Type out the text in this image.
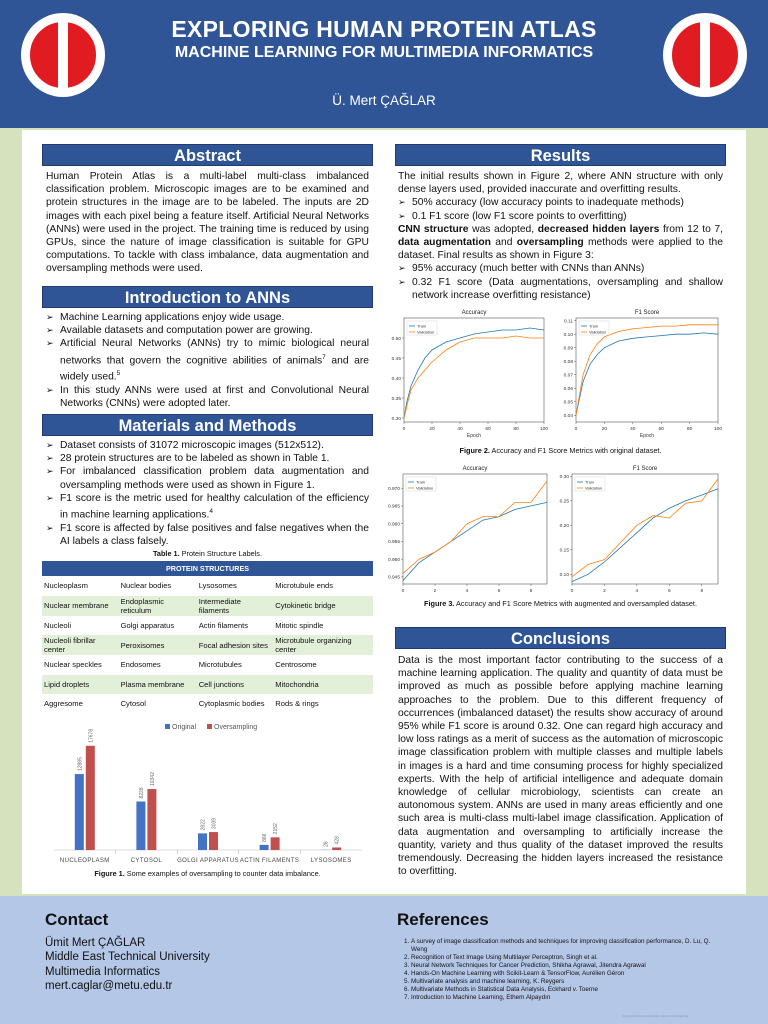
EXPLORING HUMAN PROTEIN ATLAS
MACHINE LEARNING FOR MULTIMEDIA INFORMATICS
Ü. Mert ÇAĞLAR
Abstract
Human Protein Atlas is a multi-label multi-class imbalanced classification problem. Microscopic images are to be examined and protein structures in the image are to be labeled. The inputs are 2D images with each pixel being a feature itself. Artificial Neural Networks (ANNs) were used in the project. The training time is reduced by using GPUs, since the nature of image classification is suitable for GPU computations. To tackle with class imbalance, data augmentation and oversampling methods were used.
Introduction to ANNs
➢ Machine Learning applications enjoy wide usage.
➢ Available datasets and computation power are growing.
➢ Artificial Neural Networks (ANNs) try to mimic biological neural networks that govern the cognitive abilities of animals$^7$ and are widely used.$^5$
➢ In this study ANNs were used at first and Convolutional Neural Networks (CNNs) were adopted later.
Materials and Methods
➢ Dataset consists of 31072 microscopic images (512x512).
➢ 28 protein structures are to be labeled as shown in Table 1.
➢ For imbalanced classification problem data augmentation and oversampling methods were used as shown in Figure 1.
➢ F1 score is the metric used for healthy calculation of the efficiency in machine learning applications.$^4$
➢ F1 score is affected by false positives and false negatives when the AI labels a class falsely.
Table 1. Protein Structure Labels.
PROTEIN STRUCTURES			
Nucleoplasm	Nuclear bodies	Lysosomes	Microtubule ends
Nuclear membrane	Endoplasmic reticulum	Intermediate filaments	Cytokinetic bridge
Nucleoli	Golgi apparatus	Actin filaments	Mitotic spindle
Nucleoli fibrillar center	Peroxisomes	Focal adhesion sites	Microtubule organizing center
Nuclear speckles	Endosomes	Microtubules	Centrosome
Lipid droplets	Plasma membrane	Cell junctions	Mitochondria
Aggresome	Cytosol	Cytoplasmic bodies	Rods & rings
Original	Oversampling
NUCLEOPLASM
12885
17678
CYTOSOL
8228
10342
GOLGI APPARATUS
2822 3039
ACTIN FILAMENTS
866
2152
LYSOSOMES
28 428
Figure 1. Some examples of oversampling to counter data imbalance.
Results
The initial results shown in Figure 2, where ANN structure with only dense layers used, provided inaccurate and overfitting results.
➢ 50% accuracy (low accuracy points to inadequate methods)
➢ 0.1 F1 score (low F1 score points to overfitting)
CNN structure was adopted, decreased hidden layers from 12 to 7, data augmentation and oversampling methods were applied to the dataset. Final results as shown in Figure 3:
➢ 95% accuracy (much better with CNNs than ANNs)
➢ 0.32 F1 score (Data augmentations, oversampling and shallow network increase overfitting resistance)
Accuracy
0.30
0.35
0.40
0.45
0.50
0	20	40	60	80	100
Epoch
Train
Validation
F1 Score
0.04
0.05
0.06
0.07
0.08
0.09
0.10
0.11
0	20	40	60	80	100
Epoch
Train
Validation
Figure 2. Accuracy and F1 Score Metrics with original dataset.
Accuracy
0.945
0.950
0.955
0.960
0.965
0.970
0	2	4	6	8
Train
Validation
F1 Score
0.10
0.15
0.20
0.25
0.30
0	2	4	6	8
Train
Validation
Figure 3. Accuracy and F1 Score Metrics with augmented and oversampled dataset.
Conclusions
Data is the most important factor contributing to the success of a machine learning application. The quality and quantity of data must be improved as much as possible before applying machine learning approaches to the problem. Due to this different frequency of occurrences (imbalanced dataset) the results show accuracy of around 95% while F1 score is around 0.32. One can regard high accuracy and low loss ratings as a merit of success as the automation of microscopic image classification problem with multiple classes and multiple labels in images is a hard and time consuming process for highly specialized experts. With the help of artificial intelligence and adequate domain knowledge of cellular microbiology, scientists can create an autonomous system. ANNs are used in many areas efficiently and one such area is multi-class multi-label image classification. Application of data augmentation and oversampling to artificially increase the quantity, variety and thus quality of the dataset improved the results tremendously. Decreasing the hidden layers increased the resistance to overfitting.
Contact
Ümit Mert ÇAĞLAR
Middle East Technical University
Multimedia Informatics
mert.caglar@metu.edu.tr
References
1. A survey of image classification methods and techniques for improving classification performance, D. Lu, Q. Weng
2. Recognition of Text Image Using Multilayer Perceptron, Singh et al.
3. Neural Network Techniques for Cancer Prediction, Shikha Agrawal, Jitendra Agrawal
4. Hands-On Machine Learning with Scikit-Learn & TensorFlow, Aurélien Géron
5. Multivariate analysis and machine learning, K. Reygers
6. Multivariate Methods in Statistical Data Analysis, Eckhard v. Toerne
7. Introduction to Machine Learning, Ethem Alpaydın
Copyright Reserved All Information is Confidential
